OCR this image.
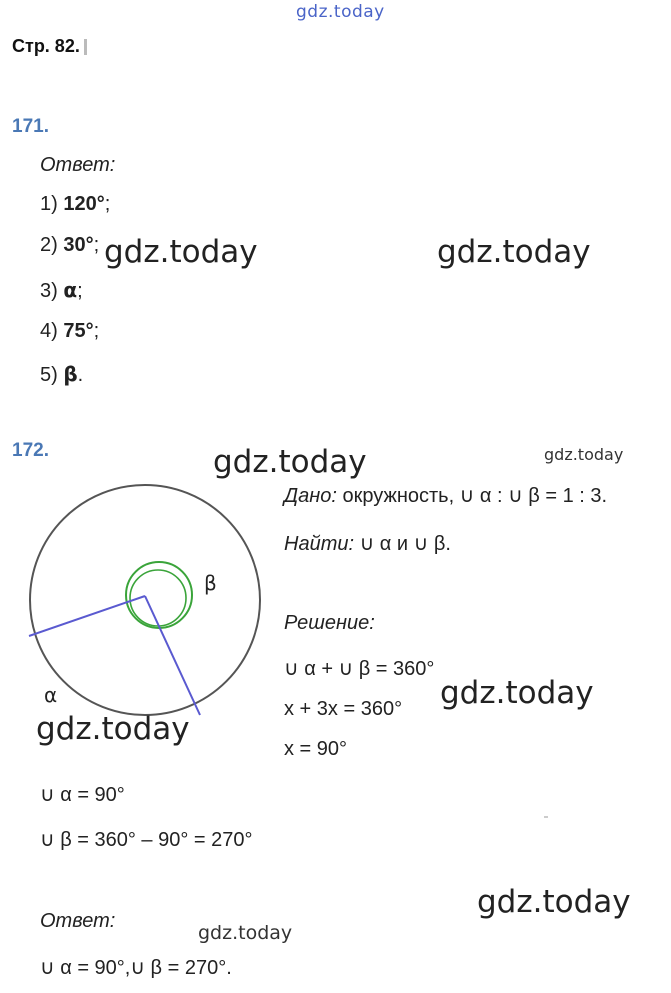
gdz.today
Стр. 82.
171.
Ответ:
1) 120°;
2) 30°;
3) α;
4) 75°;
5) β.
gdz.today	gdz.today
172.	gdz.today	gdz.today
α
β
Дано: окружность, ∪ α : ∪ β = 1 : 3.
Найти: ∪ α и ∪ β.
Решение:
∪ α + ∪ β = 360°
x + 3x = 360°
x = 90°
gdz.today
gdz.today
∪ α = 90°
∪ β = 360° – 90° = 270°
gdz.today
Ответ:
gdz.today
∪ α = 90°,∪ β = 270°.
